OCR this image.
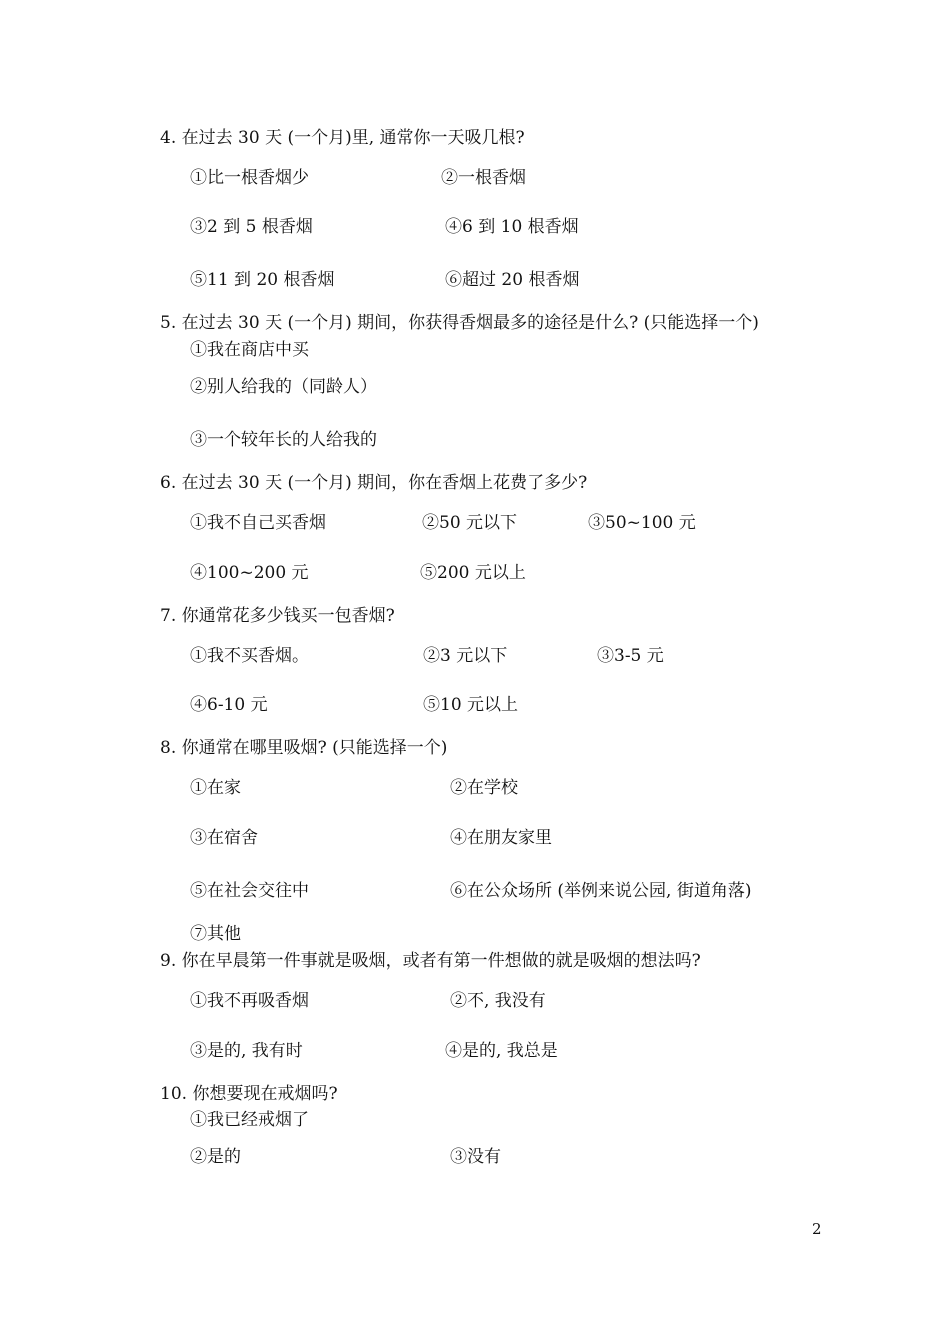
4. 在过去 30 天 (一个月)里, 通常你一天吸几根?
①比一根香烟少	②一根香烟
③2 到 5 根香烟	④6 到 10 根香烟
⑤11 到 20 根香烟	⑥超过 20 根香烟
5. 在过去 30 天 (一个月) 期间，你获得香烟最多的途径是什么? (只能选择一个)
①我在商店中买
②别人给我的（同龄人）
③一个较年长的人给我的
6. 在过去 30 天 (一个月) 期间，你在香烟上花费了多少?
①我不自己买香烟	②50 元以下	③50~100 元
④100~200 元	⑤200 元以上
7. 你通常花多少钱买一包香烟?
①我不买香烟。	②3 元以下	③3-5 元
④6-10 元	⑤10 元以上
8. 你通常在哪里吸烟? (只能选择一个)
①在家	②在学校
③在宿舍	④在朋友家里
⑤在社会交往中	⑥在公众场所 (举例来说公园, 街道角落)
⑦其他
9. 你在早晨第一件事就是吸烟，或者有第一件想做的就是吸烟的想法吗?
①我不再吸香烟	②不, 我没有
③是的, 我有时	④是的, 我总是
10. 你想要现在戒烟吗?
①我已经戒烟了
②是的	③没有
2
